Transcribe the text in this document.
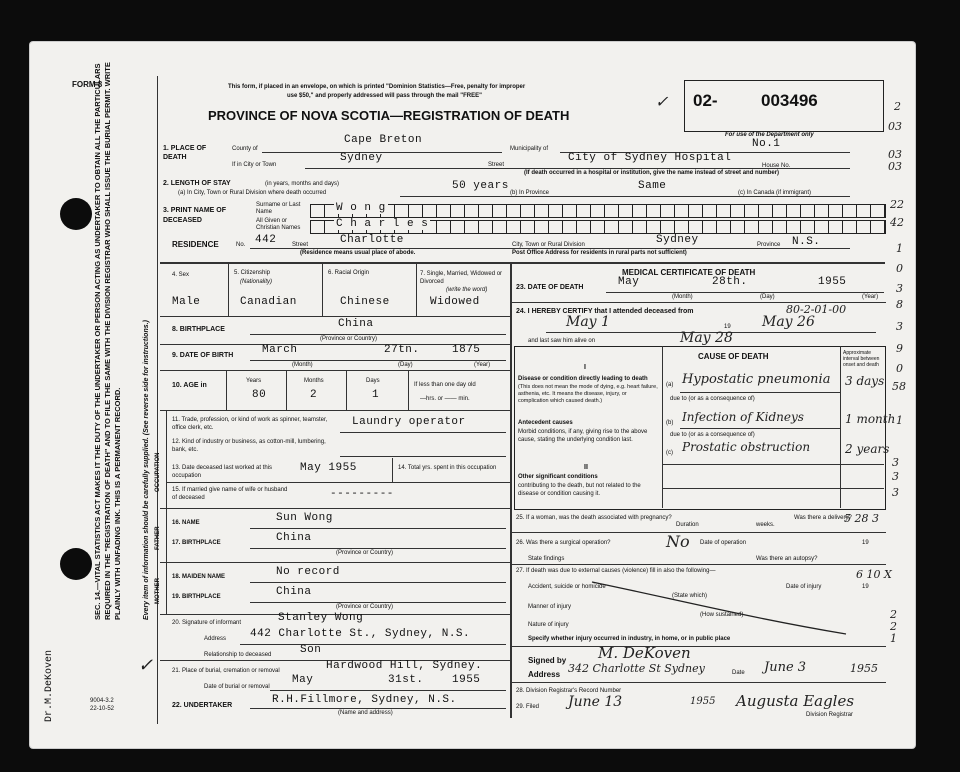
FORM 8	This form, if placed in an envelope, on which is printed "Dominion Statistics—Free, penalty for improper
use $50," and properly addressed will pass through the mail "FREE"
PROVINCE OF NOVA SCOTIA—REGISTRATION OF DEATH
02-	003496
For use of the Department only
✓
SEC. 14.—VITAL STATISTICS ACT MAKES IT THE DUTY OF THE UNDERTAKER OR PERSON ACTING AS UNDERTAKER TO OBTAIN ALL THE PARTICULARS REQUIRED IN THE "REGISTRATION OF DEATH" AND TO FILE THE SAME WITH THE DIVISION REGISTRAR WHO SHALL ISSUE THE BURIAL PERMIT. WRITE PLAINLY WITH UNFADING INK. THIS IS A PERMANENT RECORD.	Every item of information should be carefully supplied. (See reverse side for instructions.)
Dr.M.DeKoven	9004-3.2
22-10-52
✓
1. PLACE OF DEATH
County of
Cape Breton
Municipality of	No.1
If in City or Town
Sydney
Street
City of Sydney Hospital
House No.
(If death occurred in a hospital or institution, give the name instead of street and number)
2. LENGTH OF STAY	(in years, months and days)
(a) In City, Town or Rural Division where death occurred
50 years
(b) In Province
Same
(c) In Canada (if immigrant)
3. PRINT NAME OF DECEASED
Surname or Last Name	W o n g
All Given or Christian Names	C h a r l e s
RESIDENCE	No. 442	Street	Charlotte	City, Town or Rural Division	Sydney	Province N.S.
(Residence means usual place of abode.	Post Office Address for residents in rural parts not sufficient)
4. Sex
Male
5. Citizenship
(Nationality)
Canadian
6. Racial Origin
Chinese
7. Single, Married, Widowed or Divorced
(write the word)
Widowed
8. BIRTHPLACE	China
(Province or Country)
9. DATE OF BIRTH	March	27tn.	1875
(Month)	(Day)	(Year)
10. AGE in
Years	Months	Days
80	2	1
If less than one day old
—hrs. or —— min.
OCCUPATION
11. Trade, profession, or kind of work as spinner, teamster, office clerk, etc.	Laundry operator
12. Kind of industry or business, as cotton-mill, lumbering, bank, etc.
13. Date deceased last worked at this occupation
May 1955	14. Total yrs. spent in this occupation
15. If married give name of wife or husband of deceased	---------
FATHER
16. NAME	Sun Wong
17. BIRTHPLACE	China
(Province or Country)
MOTHER
18. MAIDEN NAME	No record
19. BIRTHPLACE	China
(Province or Country)
20. Signature of informant	Stanley Wong
Address 442 Charlotte St., Sydney, N.S.
Relationship to deceased	Son
21. Place of burial, cremation or removal	Hardwood Hill, Sydney.
Date of burial or removal
May	31st.	1955
22. UNDERTAKER	R.H.Fillmore, Sydney, N.S.
(Name and address)
MEDICAL CERTIFICATE OF DEATH
23. DATE OF DEATH	May	28th.	1955
(Month)	(Day)	(Year)
24. I HEREBY CERTIFY that I attended deceased from	80-2-01-00
May 1	19 May 26
and last saw him alive on	May 28
CAUSE OF DEATH	Approximate interval between onset and death
I
Disease or condition directly leading to death
(This does not mean the mode of dying, e.g. heart failure, asthenia, etc. It means the disease, injury, or complication which caused death.)
(a) Hypostatic pneumonia 3 days
due to (or as a consequence of)
Antecedent causes
Morbid conditions, if any, giving rise to the above cause, stating the underlying condition last.
(b) Infection of Kidneys	1 month
due to (or as a consequence of)
(c) Prostatic obstruction	2 years
II
Other significant conditions
contributing to the death, but not related to the disease or condition causing it.
25. If a woman, was the death associated with pregnancy?
Duration	weeks.
Was there a delivery?
26. Was there a surgical operation?	No Date of operation	19
State findings	Was there an autopsy?
27. If death was due to external causes (violence) fill in also the following—
Accident, suicide or homicide	Date of injury	19
(State which)
Manner of injury
(How sustained)
Nature of injury
Specify whether injury occurred in industry, in home, or in public place
Signed by M. DeKoven
Address 342 Charlotte St Sydney	Date June 3	1955
28. Division Registrar's Record Number
29. Filed June 13	1955 Augusta Eagles
Division Registrar
2
03
03
03
22
42
1
0
3
8
3
9
0
58
1
3
3
3
5 28 3
6 10 X
2
2
1
